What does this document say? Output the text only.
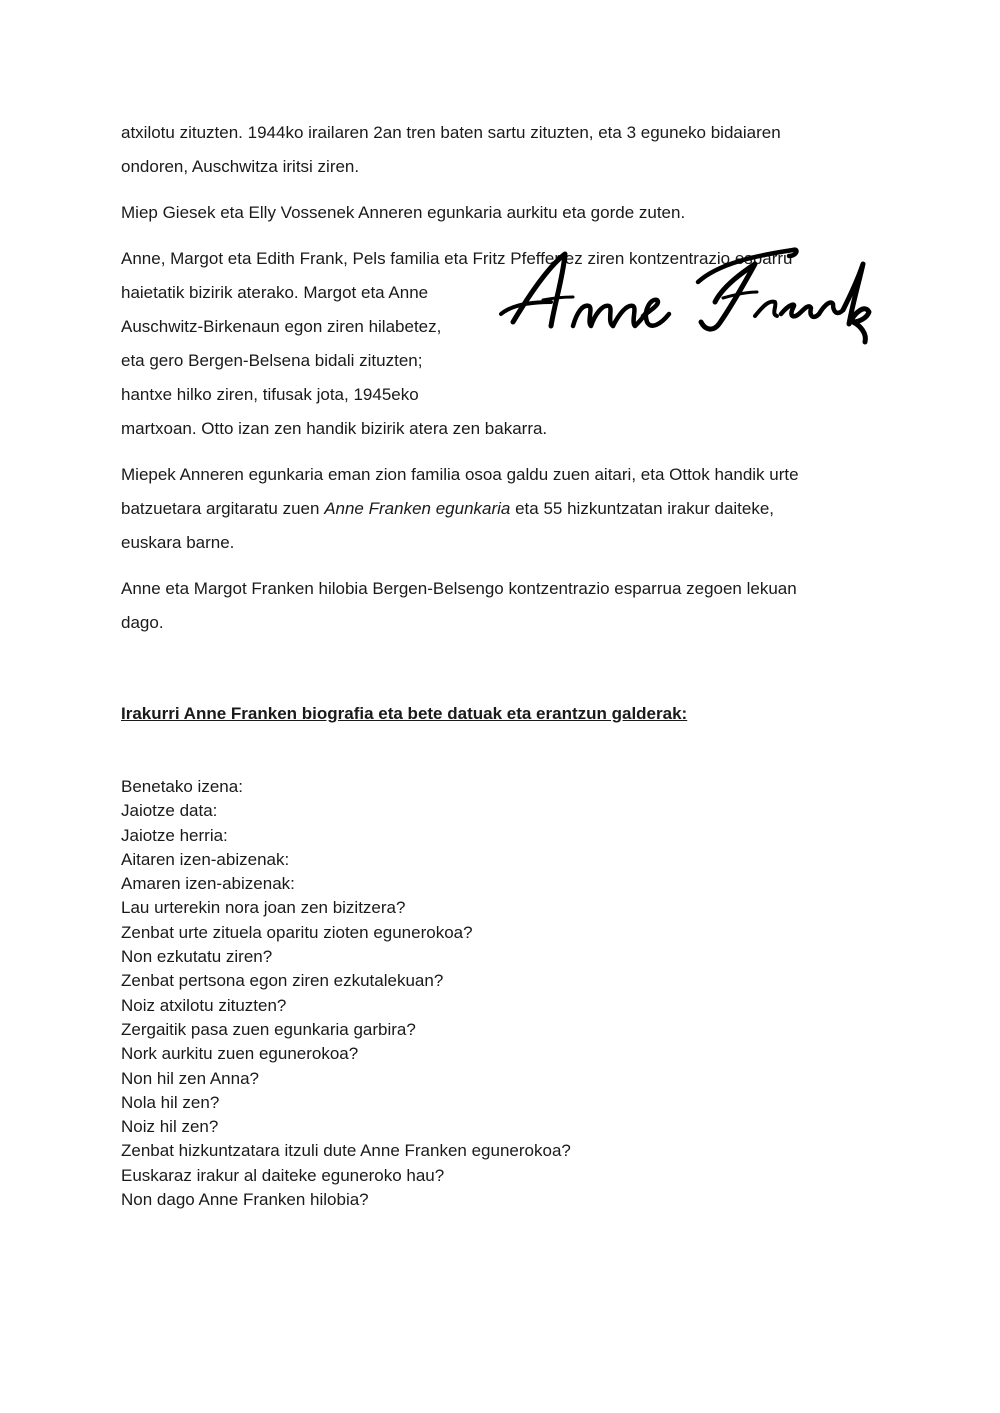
atxilotu zituzten. 1944ko irailaren 2an tren baten sartu zituzten, eta 3 eguneko bidaiaren
ondoren, Auschwitza iritsi ziren.

Miep Giesek eta Elly Vossenek Anneren egunkaria aurkitu eta gorde zuten.

Anne, Margot eta Edith Frank, Pels familia eta Fritz Pfeffer ez ziren kontzentrazio esparru
haietatik bizirik aterako. Margot eta Anne
Auschwitz-Birkenaun egon ziren hilabetez,
eta gero Bergen-Belsena bidali zituzten;
hantxe hilko ziren, tifusak jota, 1945eko
martxoan. Otto izan zen handik bizirik atera zen bakarra.

Miepek Anneren egunkaria eman zion familia osoa galdu zuen aitari, eta Ottok handik urte
batzuetara argitaratu zuen Anne Franken egunkaria eta 55 hizkuntzatan irakur daiteke,
euskara barne.

Anne eta Margot Franken hilobia Bergen-Belsengo kontzentrazio esparrua zegoen lekuan
dago.

Irakurri Anne Franken biografia eta bete datuak eta erantzun galderak:

Benetako izena:
Jaiotze data:
Jaiotze herria:
Aitaren izen-abizenak:
Amaren izen-abizenak:
Lau urterekin nora joan zen bizitzera?
Zenbat urte zituela oparitu zioten egunerokoa?
Non ezkutatu ziren?
Zenbat pertsona egon ziren ezkutalekuan?
Noiz atxilotu zituzten?
Zergaitik pasa zuen egunkaria garbira?
Nork aurkitu zuen egunerokoa?
Non hil zen Anna?
Nola hil zen?
Noiz hil zen?
Zenbat hizkuntzatara itzuli dute Anne Franken egunerokoa?
Euskaraz irakur al daiteke eguneroko hau?
Non dago Anne Franken hilobia?
